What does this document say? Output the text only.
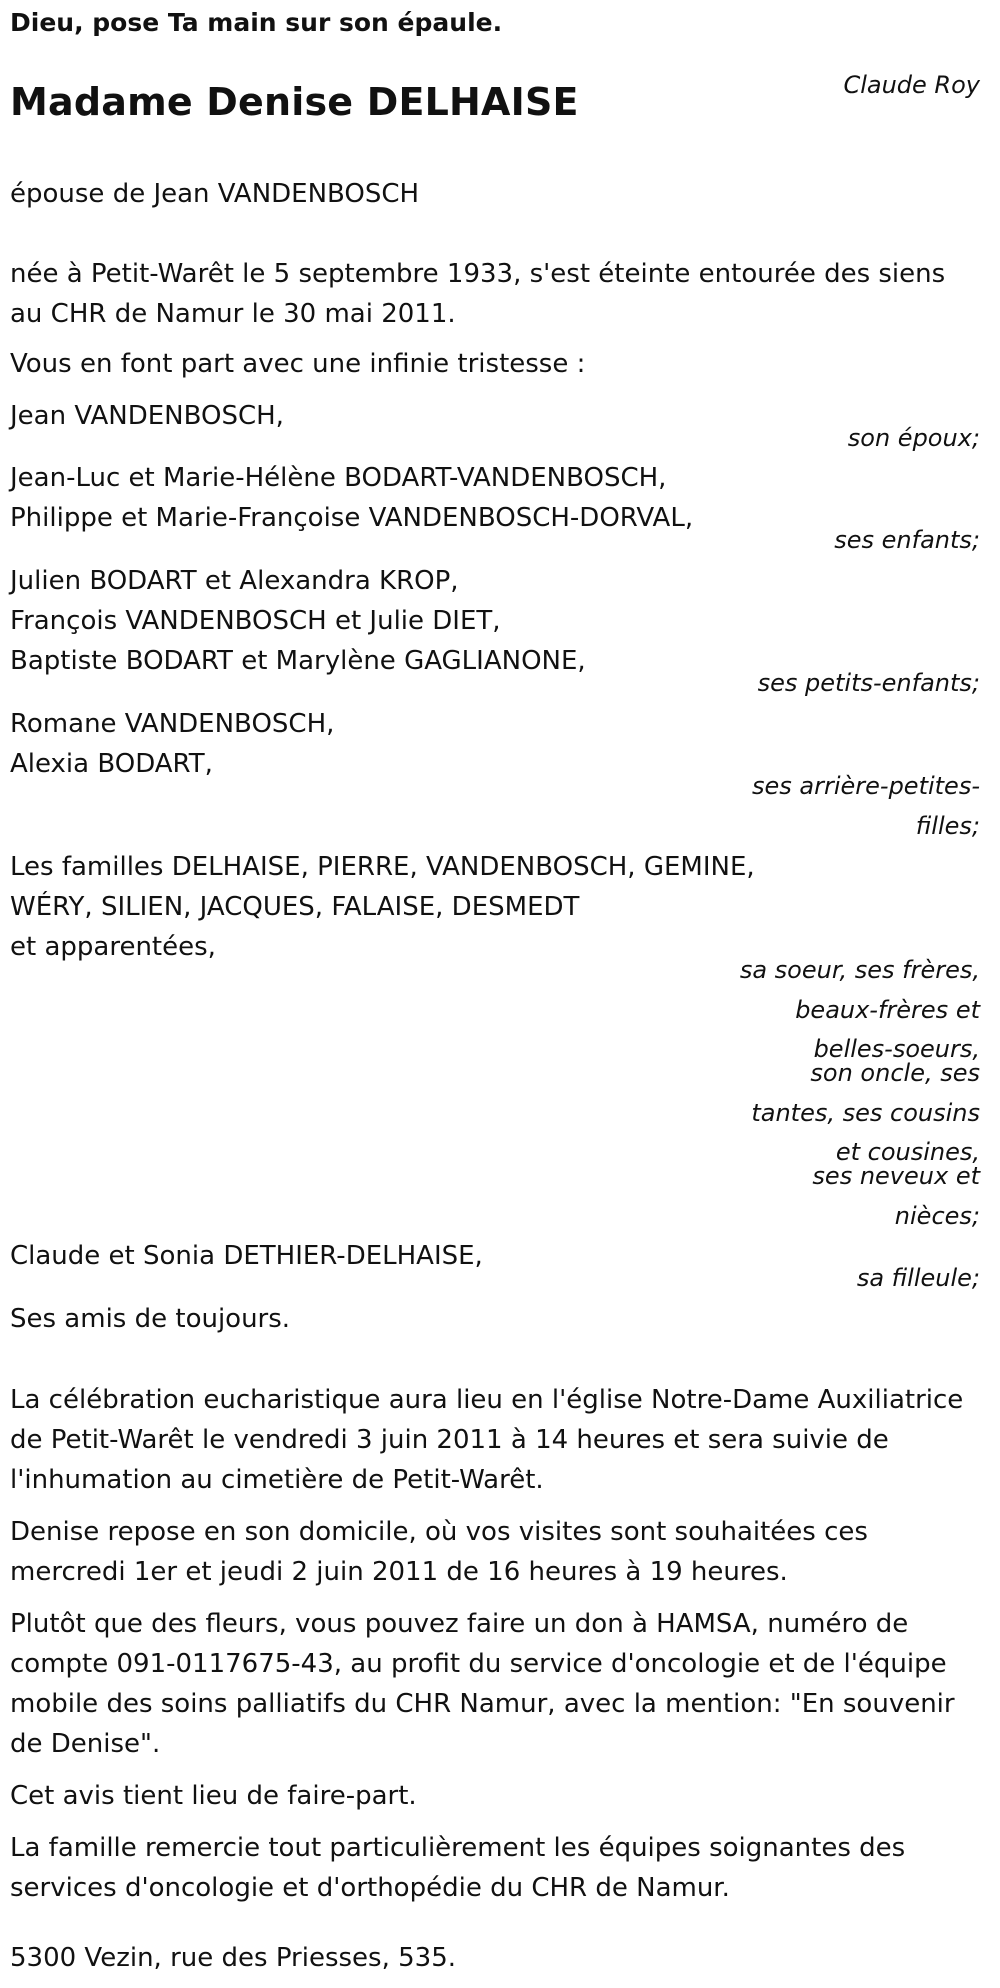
Dieu, pose Ta main sur son épaule.
Claude Roy
Madame Denise DELHAISE
épouse de Jean VANDENBOSCH
née à Petit-Warêt le 5 septembre 1933, s'est éteinte entourée des siens
au CHR de Namur le 30 mai 2011.
Vous en font part avec une infinie tristesse :
Jean VANDENBOSCH,
son époux;
Jean-Luc et Marie-Hélène BODART-VANDENBOSCH,
Philippe et Marie-Françoise VANDENBOSCH-DORVAL,
ses enfants;
Julien BODART et Alexandra KROP,
François VANDENBOSCH et Julie DIET,
Baptiste BODART et Marylène GAGLIANONE,
ses petits-enfants;
Romane VANDENBOSCH,
Alexia BODART,
ses arrière-petites-
filles;
Les familles DELHAISE, PIERRE, VANDENBOSCH, GEMINE,
WÉRY, SILIEN, JACQUES, FALAISE, DESMEDT
et apparentées,
sa soeur, ses frères,
beaux-frères et
belles-soeurs,
son oncle, ses
tantes, ses cousins
et cousines,
ses neveux et
nièces;
Claude et Sonia DETHIER-DELHAISE,
sa filleule;
Ses amis de toujours.
La célébration eucharistique aura lieu en l'église Notre-Dame Auxiliatrice
de Petit-Warêt le vendredi 3 juin 2011 à 14 heures et sera suivie de
l'inhumation au cimetière de Petit-Warêt.
Denise repose en son domicile, où vos visites sont souhaitées ces
mercredi 1er et jeudi 2 juin 2011 de 16 heures à 19 heures.
Plutôt que des fleurs, vous pouvez faire un don à HAMSA, numéro de
compte 091-0117675-43, au profit du service d'oncologie et de l'équipe
mobile des soins palliatifs du CHR Namur, avec la mention: "En souvenir
de Denise".
Cet avis tient lieu de faire-part.
La famille remercie tout particulièrement les équipes soignantes des
services d'oncologie et d'orthopédie du CHR de Namur.
5300 Vezin, rue des Priesses, 535.
